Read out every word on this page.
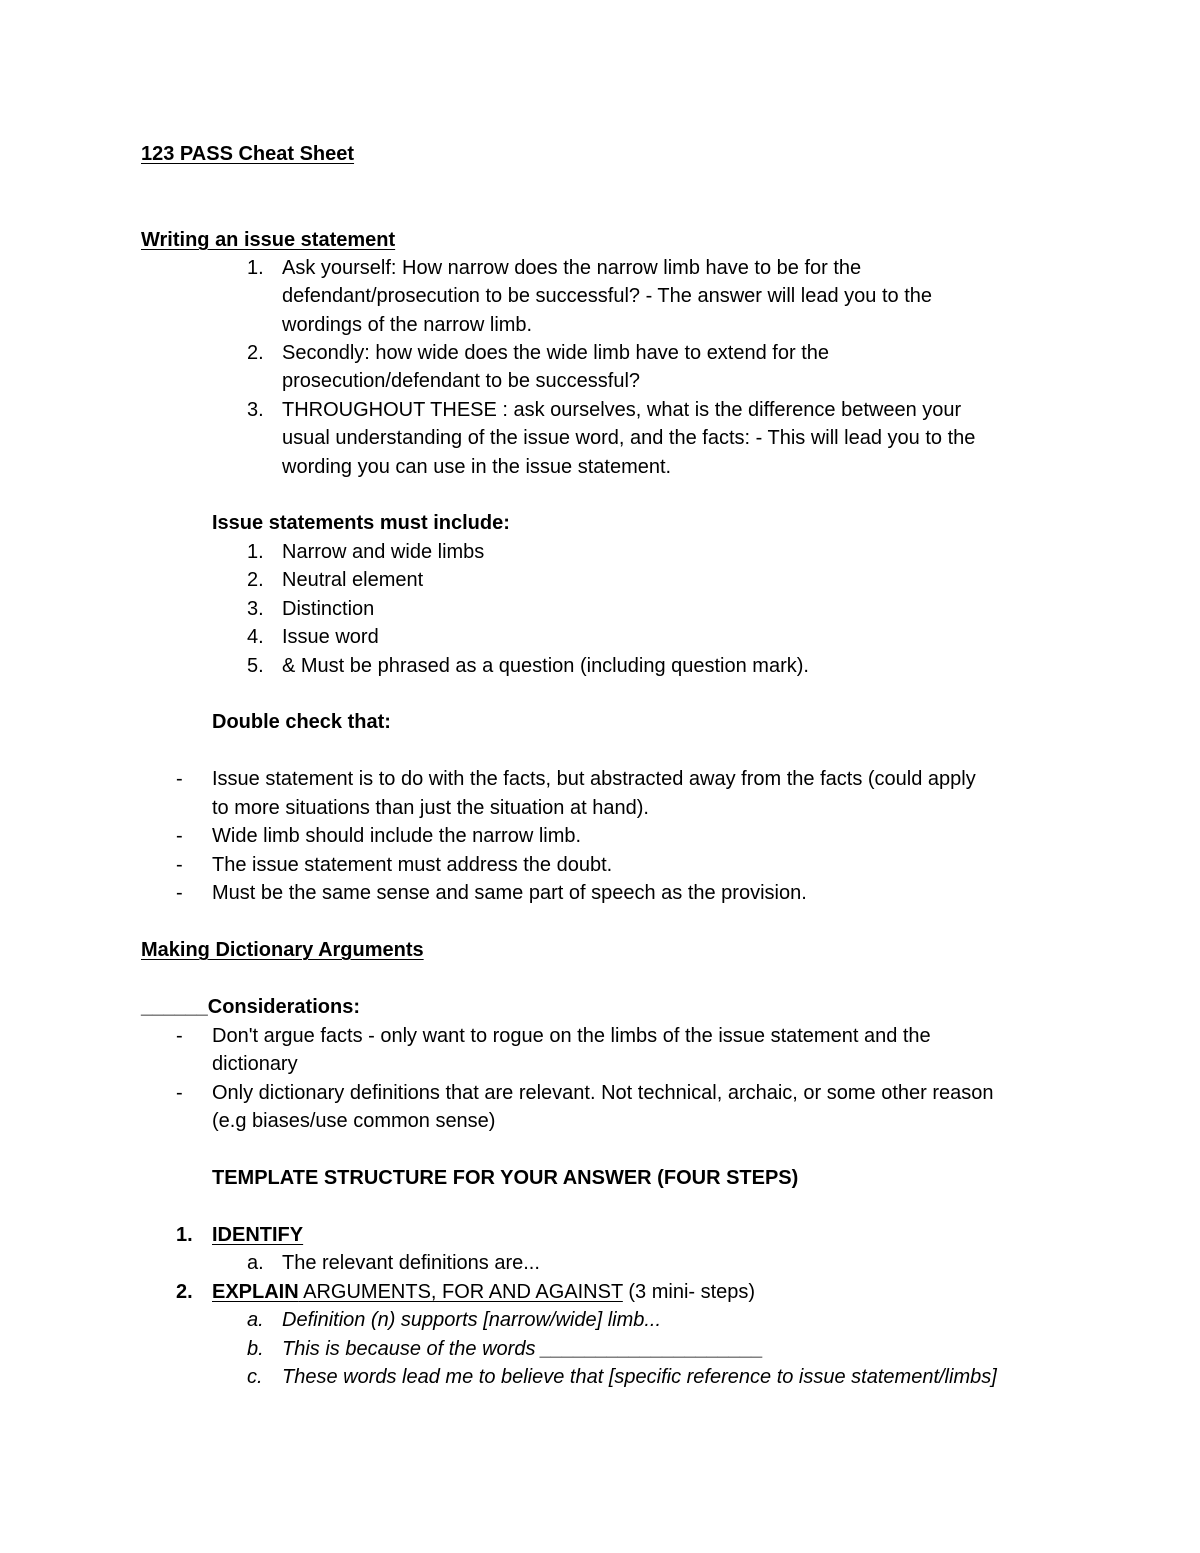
123 PASS Cheat Sheet
Writing an issue statement
1. Ask yourself: How narrow does the narrow limb have to be for the
defendant/prosecution to be successful? - The answer will lead you to the
wordings of the narrow limb.
2. Secondly: how wide does the wide limb have to extend for the
prosecution/defendant to be successful?
3. THROUGHOUT THESE : ask ourselves, what is the difference between your
usual understanding of the issue word, and the facts: - This will lead you to the
wording you can use in the issue statement.
Issue statements must include:
1. Narrow and wide limbs
2. Neutral element
3. Distinction
4. Issue word
5. & Must be phrased as a question (including question mark).
Double check that:
- Issue statement is to do with the facts, but abstracted away from the facts (could apply
to more situations than just the situation at hand).
- Wide limb should include the narrow limb.
- The issue statement must address the doubt.
- Must be the same sense and same part of speech as the provision.
Making Dictionary Arguments
______Considerations:
- Don't argue facts - only want to rogue on the limbs of the issue statement and the
dictionary
- Only dictionary definitions that are relevant. Not technical, archaic, or some other reason
(e.g biases/use common sense)
TEMPLATE STRUCTURE FOR YOUR ANSWER (FOUR STEPS)
1. IDENTIFY
a. The relevant definitions are...
2. EXPLAIN ARGUMENTS, FOR AND AGAINST (3 mini- steps)
a. Definition (n) supports [narrow/wide] limb...
b. This is because of the words ____________________
c. These words lead me to believe that [specific reference to issue statement/limbs]
